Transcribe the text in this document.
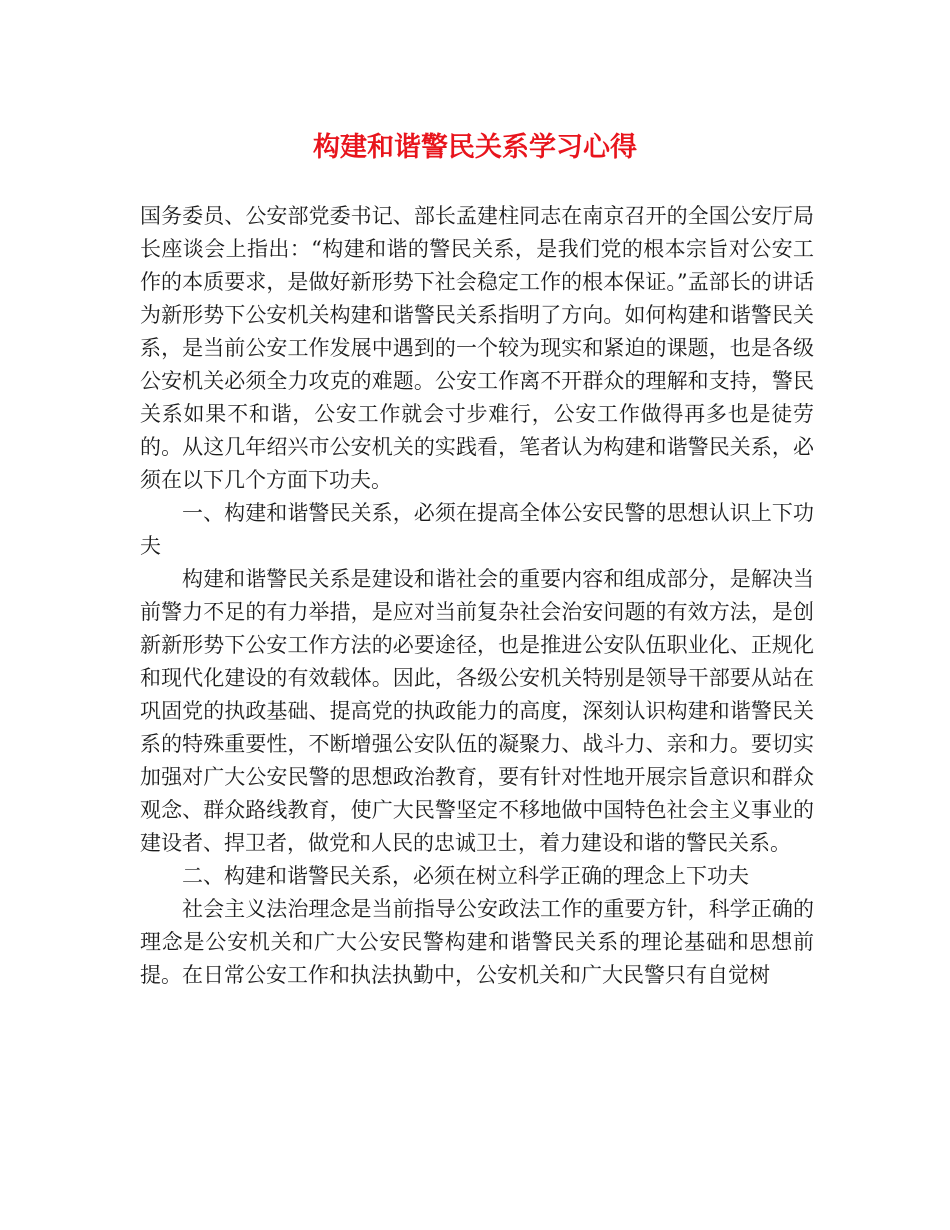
构建和谐警民关系学习心得

国务委员、公安部党委书记、部长孟建柱同志在南京召开的全国公安厅局长座谈会上指出：“构建和谐的警民关系，是我们党的根本宗旨对公安工作的本质要求，是做好新形势下社会稳定工作的根本保证。”孟部长的讲话为新形势下公安机关构建和谐警民关系指明了方向。如何构建和谐警民关系，是当前公安工作发展中遇到的一个较为现实和紧迫的课题，也是各级公安机关必须全力攻克的难题。公安工作离不开群众的理解和支持，警民关系如果不和谐，公安工作就会寸步难行，公安工作做得再多也是徒劳的。从这几年绍兴市公安机关的实践看，笔者认为构建和谐警民关系，必须在以下几个方面下功夫。

一、构建和谐警民关系，必须在提高全体公安民警的思想认识上下功夫

构建和谐警民关系是建设和谐社会的重要内容和组成部分，是解决当前警力不足的有力举措，是应对当前复杂社会治安问题的有效方法，是创新新形势下公安工作方法的必要途径，也是推进公安队伍职业化、正规化和现代化建设的有效载体。因此，各级公安机关特别是领导干部要从站在巩固党的执政基础、提高党的执政能力的高度，深刻认识构建和谐警民关系的特殊重要性，不断增强公安队伍的凝聚力、战斗力、亲和力。要切实加强对广大公安民警的思想政治教育，要有针对性地开展宗旨意识和群众观念、群众路线教育，使广大民警坚定不移地做中国特色社会主义事业的建设者、捍卫者，做党和人民的忠诚卫士，着力建设和谐的警民关系。

二、构建和谐警民关系，必须在树立科学正确的理念上下功夫

社会主义法治理念是当前指导公安政法工作的重要方针，科学正确的理念是公安机关和广大公安民警构建和谐警民关系的理论基础和思想前提。在日常公安工作和执法执勤中，公安机关和广大民警只有自觉树
